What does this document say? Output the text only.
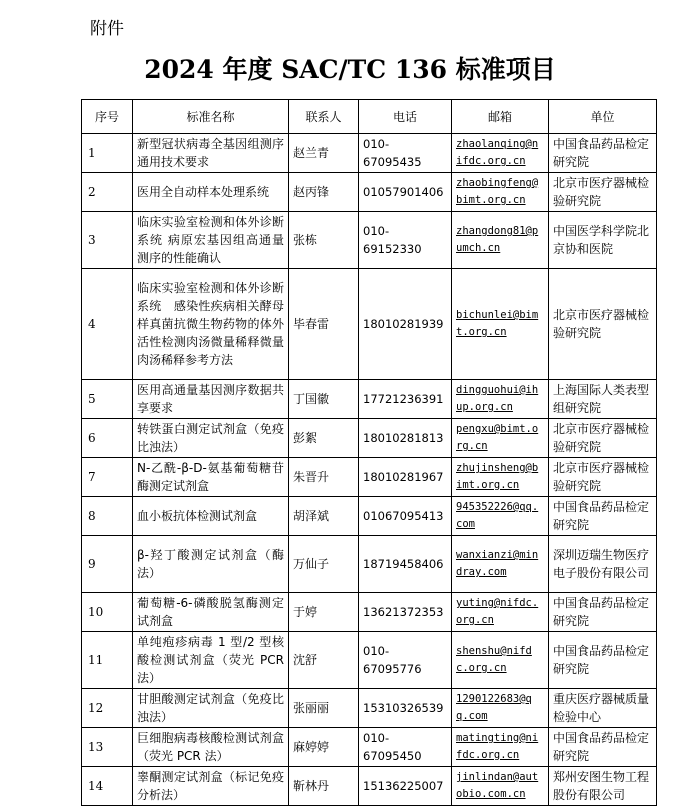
附件
2024 年度 SAC/TC 136 标准项目
序号	标准名称	联系人	电话	邮箱	单位
1	新型冠状病毒全基因组测序通用技术要求	赵兰青	010-67095435	zhaolanqing@nifdc.org.cn	中国食品药品检定研究院
2	医用全自动样本处理系统	赵丙锋	01057901406	zhaobingfeng@bimt.org.cn	北京市医疗器械检验研究院
3	临床实验室检测和体外诊断系统 病原宏基因组高通量测序的性能确认	张栋	010-69152330	zhangdong81@pumch.cn	中国医学科学院北京协和医院
4	临床实验室检测和体外诊断系统　感染性疾病相关酵母样真菌抗微生物药物的体外活性检测肉汤微量稀释微量肉汤稀释参考方法	毕春雷	18010281939	bichunlei@bimt.org.cn	北京市医疗器械检验研究院
5	医用高通量基因测序数据共享要求	丁国徽	17721236391	dingguohui@ihup.org.cn	上海国际人类表型组研究院
6	转铁蛋白测定试剂盒（免疫比浊法）	彭絮	18010281813	pengxu@bimt.org.cn	北京市医疗器械检验研究院
7	N-乙酰-β-D-氨基葡萄糖苷酶测定试剂盒	朱晋升	18010281967	zhujinsheng@bimt.org.cn	北京市医疗器械检验研究院
8	血小板抗体检测试剂盒	胡泽斌	01067095413	945352226@qq.com	中国食品药品检定研究院
9	β-羟丁酸测定试剂盒（酶法）	万仙子	18719458406	wanxianzi@mindray.com	深圳迈瑞生物医疗电子股份有限公司
10	葡萄糖-6-磷酸脱氢酶测定试剂盒	于婷	13621372353	yuting@nifdc.org.cn	中国食品药品检定研究院
11	单纯疱疹病毒 1 型/2 型核酸检测试剂盒（荧光 PCR 法）	沈舒	010-67095776	shenshu@nifdc.org.cn	中国食品药品检定研究院
12	甘胆酸测定试剂盒（免疫比浊法）	张丽丽	15310326539	1290122683@qq.com	重庆医疗器械质量检验中心
13	巨细胞病毒核酸检测试剂盒（荧光 PCR 法）	麻婷婷	010-67095450	matingting@nifdc.org.cn	中国食品药品检定研究院
14	睾酮测定试剂盒（标记免疫分析法）	靳林丹	15136225007	jinlindan@autobio.com.cn	郑州安图生物工程股份有限公司
